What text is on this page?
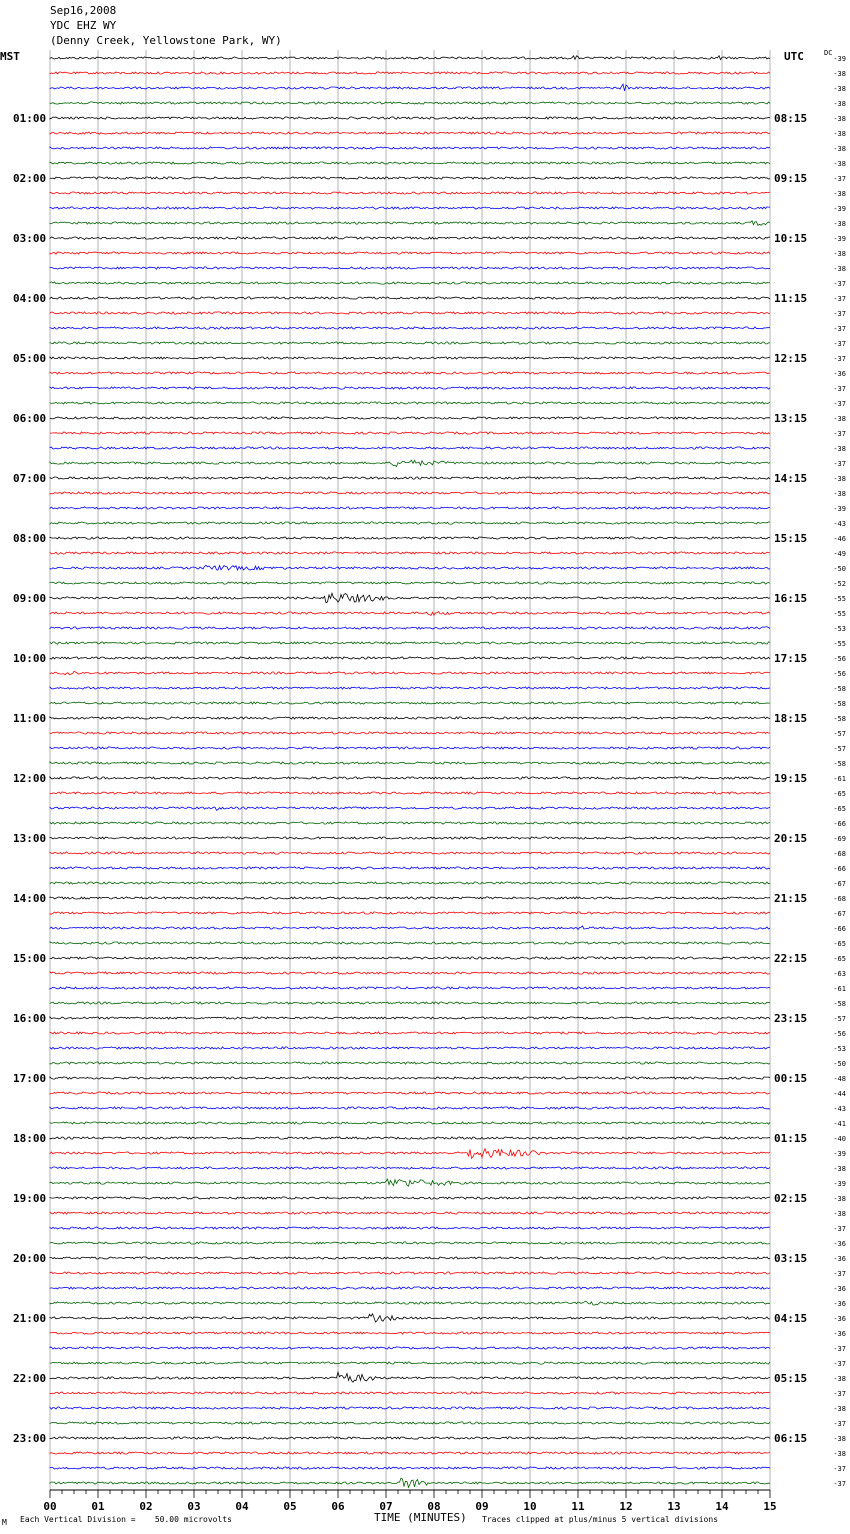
Sep16,2008
YDC EHZ WY
(Denny Creek, Yellowstone Park, WY)
MST	UTC	DC
-39
-38
-38
-38
-38
-38
-38
-38
-37
-38
-39
-38
-39
-38
-38
-37
-37
-37
-37
-37
-37
-36
-37
-37
-38
-37
-38
-37
-38
-38
-39
-43
-46
-49
-50
-52
-55
-55
-53
-55
-56
-56
-58
-58
-58
-57
-57
-58
-61
-65
-65
-66
-69
-68
-66
-67
-68
-67
-66
-65
-65
-63
-61
-58
-57
-56
-53
-50
-48
-44
-43
-41
-40
-39
-38
-39
-38
-38
-37
-36
-36
-37
-36
-36
-36
-36
-37
-37
-38
-37
-38
-37
-38
-38
-37
-37
01:00
02:00
03:00
04:00
05:00
06:00
07:00
08:00
09:00
10:00
11:00
12:00
13:00
14:00
15:00
16:00
17:00
18:00
19:00
20:00
21:00
22:00
23:00
08:15
09:15
10:15
11:15
12:15
13:15
14:15
15:15
16:15
17:15
18:15
19:15
20:15
21:15
22:15
23:15
00:15
01:15
02:15
03:15
04:15
05:15
06:15
00	01	02	03	04	05	06	07	08	09	10	11	12	13	14	15
M Each Vertical Division =    50.00 microvolts	TIME (MINUTES) Traces clipped at plus/minus 5 vertical divisions
